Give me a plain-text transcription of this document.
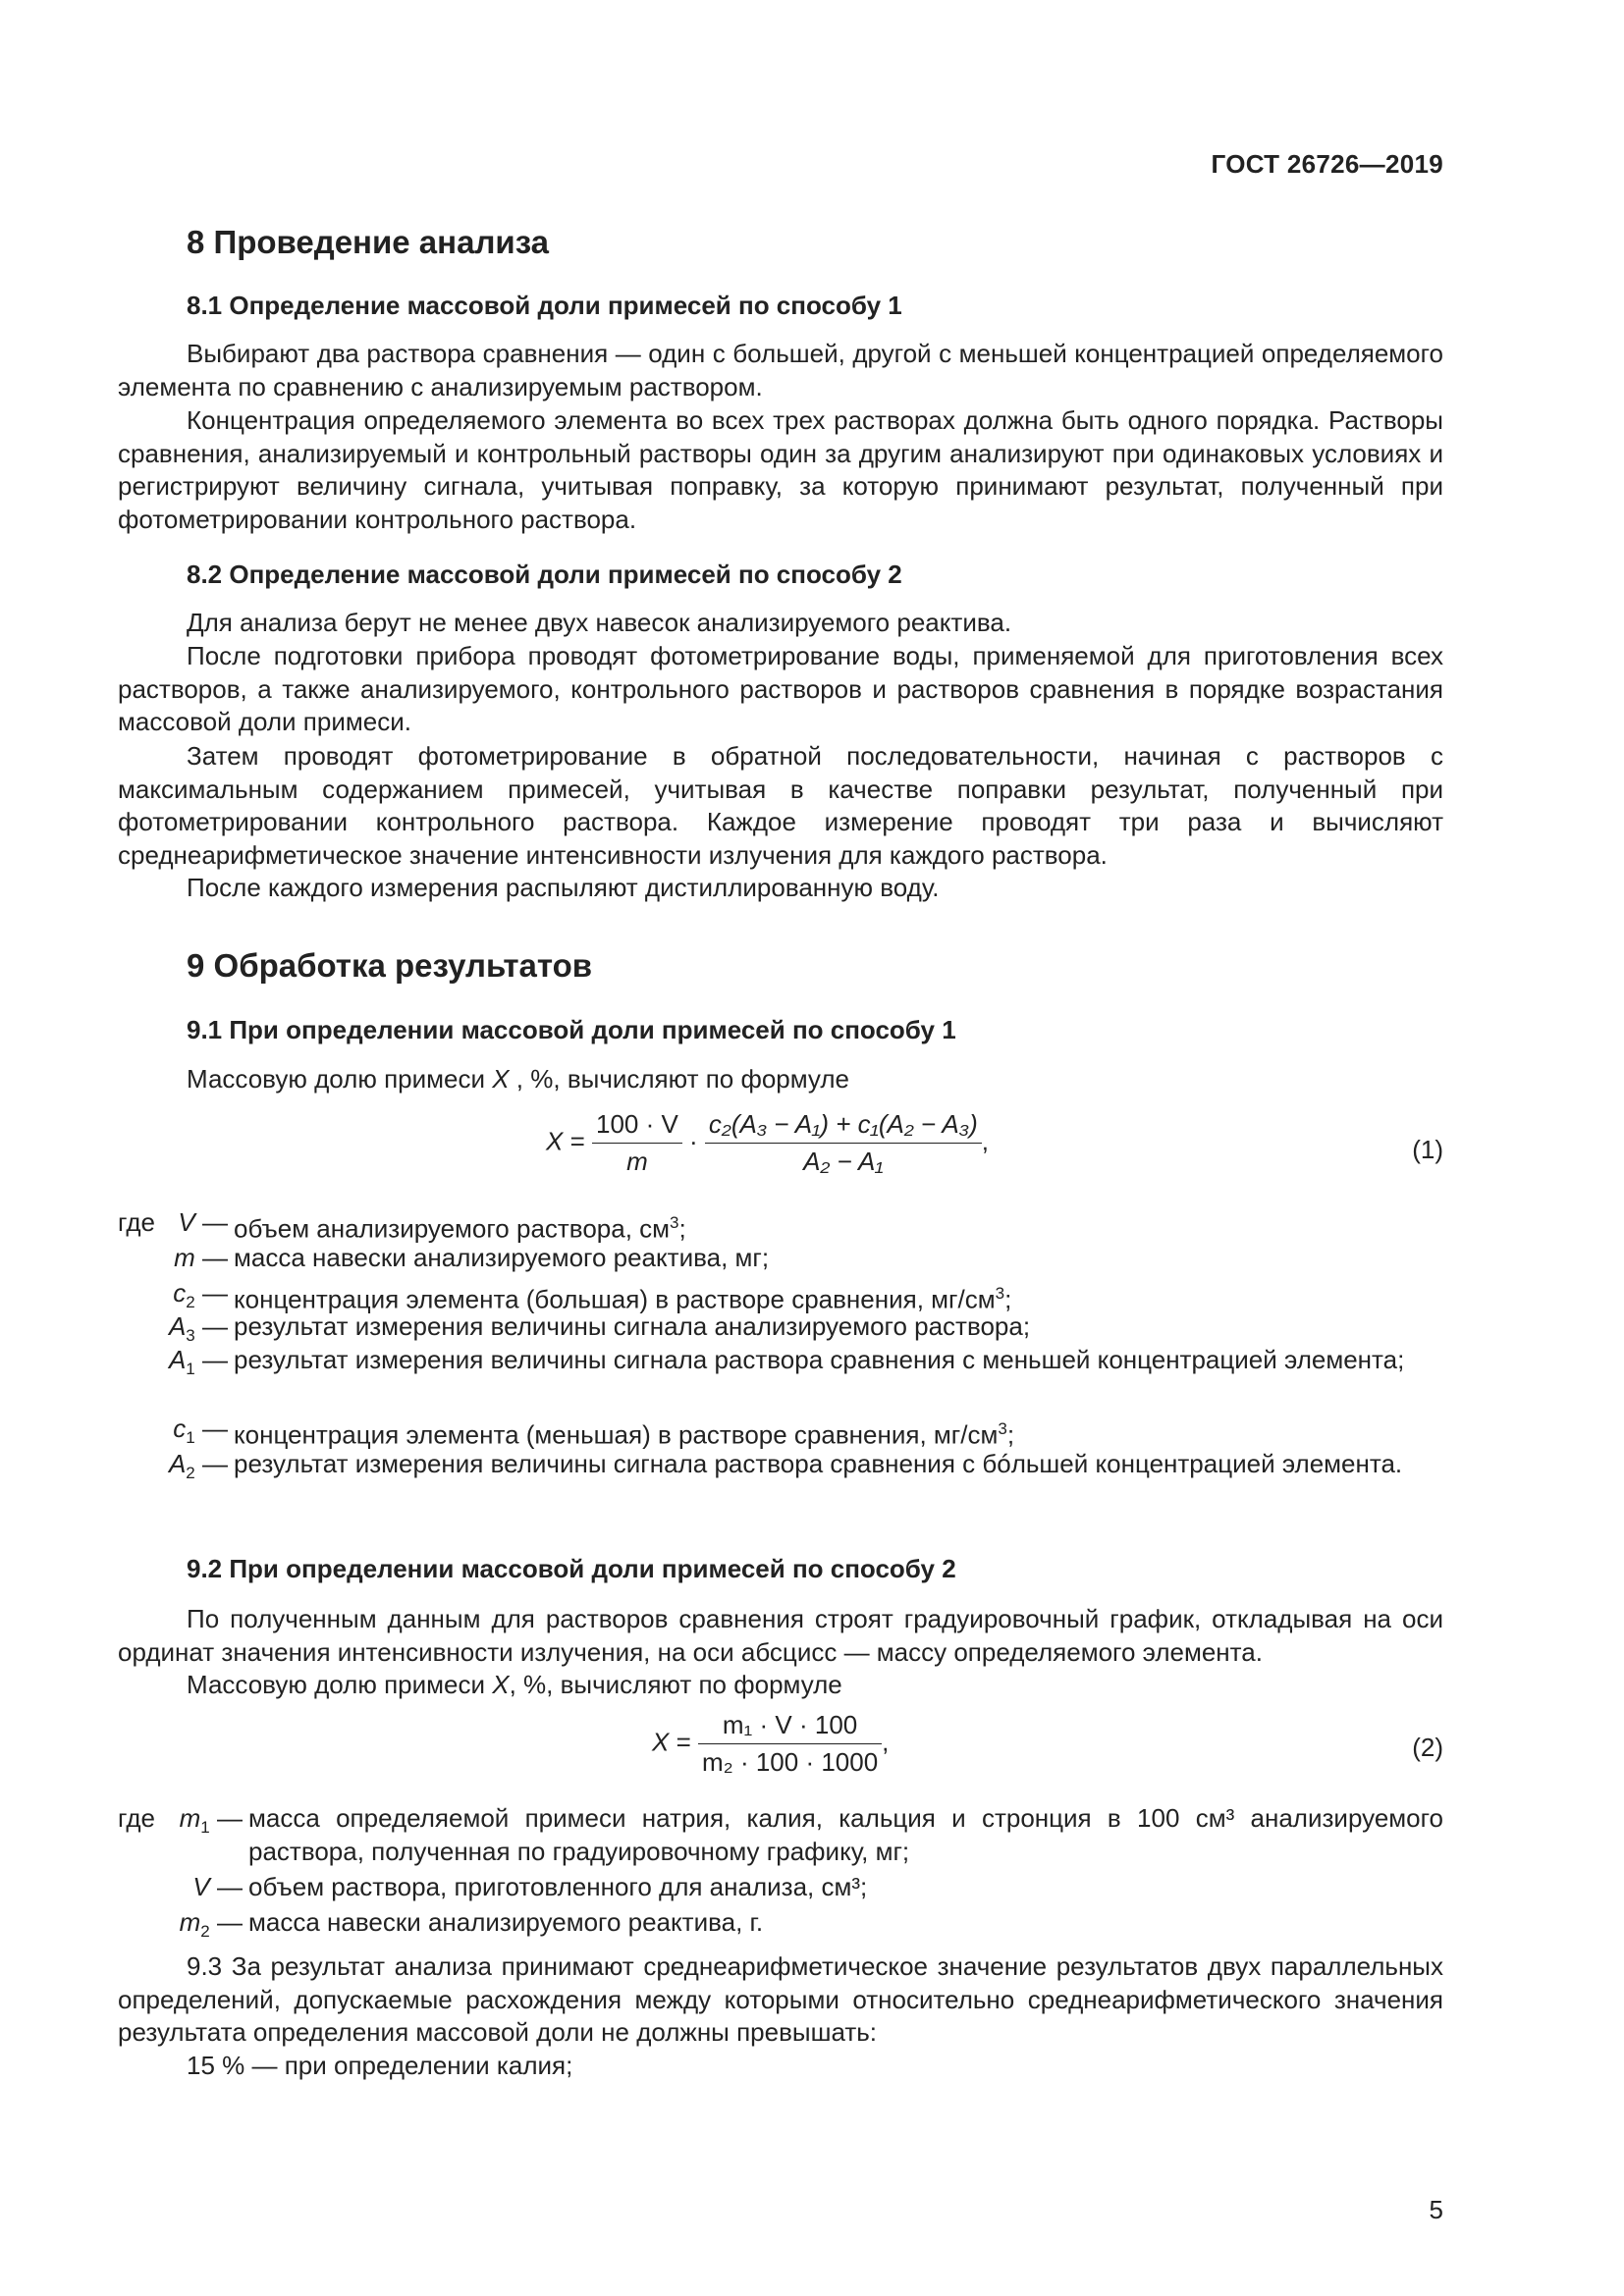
ГОСТ 26726—2019
8 Проведение анализа
8.1 Определение массовой доли примесей по способу 1

Выбирают два раствора сравнения — один с большей, другой с меньшей концентрацией определяемого элемента по сравнению с анализируемым раствором.

Концентрация определяемого элемента во всех трех растворах должна быть одного порядка. Растворы сравнения, анализируемый и контрольный растворы один за другим анализируют при одинаковых условиях и регистрируют величину сигнала, учитывая поправку, за которую принимают результат, полученный при фотометрировании контрольного раствора.

8.2 Определение массовой доли примесей по способу 2

Для анализа берут не менее двух навесок анализируемого реактива.

После подготовки прибора проводят фотометрирование воды, применяемой для приготовления всех растворов, а также анализируемого, контрольного растворов и растворов сравнения в порядке возрастания массовой доли примеси.

Затем проводят фотометрирование в обратной последовательности, начиная с растворов с максимальным содержанием примесей, учитывая в качестве поправки результат, полученный при фотометрировании контрольного раствора. Каждое измерение проводят три раза и вычисляют среднеарифметическое значение интенсивности излучения для каждого раствора.

После каждого измерения распыляют дистиллированную воду.

9 Обработка результатов
9.1 При определении массовой доли примесей по способу 1
Массовую долю примеси X , %, вычисляют по формуле
$X = \frac{100 \cdot V}{m} \cdot \frac{\text{c₂(A₃ − A₁) + c₁(A₂ − A₃)}}{\text{A₂ − A₁}}$ ,	(1)
где V — объем анализируемого раствора, $см^3$;
m — масса навески анализируемого реактива, мг;
$c_2$ — концентрация элемента (большая) в растворе сравнения, $мг/см^3$;
$A_3$ — результат измерения величины сигнала анализируемого раствора;
$A_1$ — результат измерения величины сигнала раствора сравнения с меньшей концентрацией элемента;
$c_1$ — концентрация элемента (меньшая) в растворе сравнения, $мг/см^3$;
$A_2$ — результат измерения величины сигнала раствора сравнения с бóльшей концентрацией элемента.
9.2 При определении массовой доли примесей по способу 2

По полученным данным для растворов сравнения строят градуировочный график, откладывая на оси ординат значения интенсивности излучения, на оси абсцисс — массу определяемого элемента.

Массовую долю примеси X, %, вычисляют по формуле
$X = \frac{\text{m₁ · V · 100}}{\text{m₂ · 100 · 1000}}$ ,	(2)
где $m_1$ — масса определяемой примеси натрия, калия, кальция и стронция в 100 см³ анализируемого раствора, полученная по градуировочному графику, мг;
V — объем раствора, приготовленного для анализа, см³;
$m_2$ — масса навески анализируемого реактива, г.

9.3 За результат анализа принимают среднеарифметическое значение результатов двух параллельных определений, допускаемые расхождения между которыми относительно среднеарифметического значения результата определения массовой доли не должны превышать:

15 % — при определении калия;
5
